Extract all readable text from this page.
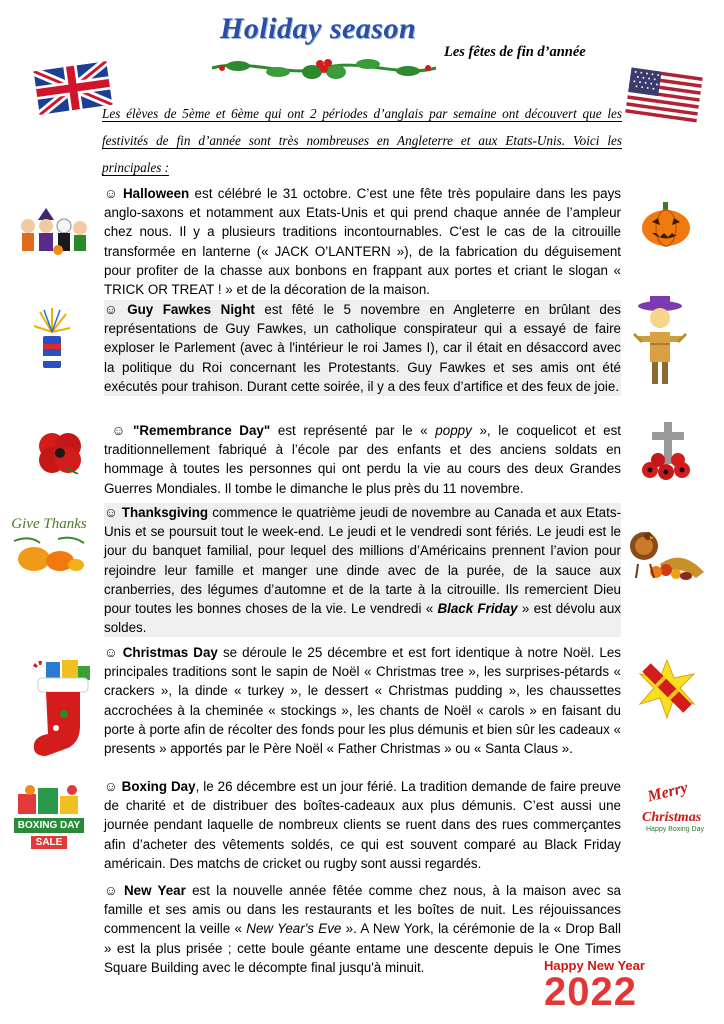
Holiday season
Les fêtes de fin d’année
Les élèves de 5ème et 6ème qui ont 2 périodes d’anglais par semaine ont découvert que les
festivités de fin d’année sont très nombreuses en Angleterre et aux Etats-Unis. Voici les
principales :
☺ Halloween est célébré le 31 octobre. C’est une fête très populaire dans les pays anglo-saxons et notamment aux Etats-Unis et qui prend chaque année de l’ampleur chez nous. Il y a plusieurs traditions incontournables. C'est le cas de la citrouille transformée en lanterne (« JACK O’LANTERN »), de la fabrication du déguisement pour profiter de la chasse aux bonbons en frappant aux portes et criant le slogan « TRICK OR TREAT ! » et de la décoration de la maison.
☺ Guy Fawkes Night est fêté le 5 novembre en Angleterre en brûlant des représentations de Guy Fawkes, un catholique conspirateur qui a essayé de faire exploser le Parlement (avec à l'intérieur le roi James I), car il était en désaccord avec la politique du Roi concernant les Protestants. Guy Fawkes et ses amis ont été exécutés pour trahison. Durant cette soirée, il y a des feux d’artifice et des feux de joie.
☺ "Remembrance Day" est représenté par le « poppy », le coquelicot et est traditionnellement fabriqué à l’école par des enfants et des anciens soldats en hommage à toutes les personnes qui ont perdu la vie au cours des deux Grandes Guerres Mondiales. Il tombe le dimanche le plus près du 11 novembre.
☺ Thanksgiving commence le quatrième jeudi de novembre au Canada et aux Etats-Unis et se poursuit tout le week-end. Le jeudi et le vendredi sont fériés. Le jeudi est le jour du banquet familial, pour lequel des millions d’Américains prennent l’avion pour rejoindre leur famille et manger une dinde avec de la purée, de la sauce aux cranberries, des légumes d’automne et de la tarte à la citrouille. Ils remercient Dieu pour toutes les bonnes choses de la vie. Le vendredi « Black Friday » est dévolu aux soldes.
Give Thanks
☺ Christmas Day se déroule le 25 décembre et est fort identique à notre Noël. Les principales traditions sont le sapin de Noël « Christmas tree », les surprises-pétards « crackers », la dinde « turkey », le dessert « Christmas pudding », les chaussettes accrochées à la cheminée « stockings », les chants de Noël « carols » en faisant du porte à porte afin de récolter des fonds pour les plus démunis et bien sûr les cadeaux « presents » apportés par le Père Noël « Father Christmas » ou « Santa Claus ».
☺ Boxing Day, le 26 décembre est un jour férié. La tradition demande de faire preuve de charité et de distribuer des boîtes-cadeaux aux plus démunis. C’est aussi une journée pendant laquelle de nombreux clients se ruent dans des rues commerçantes afin d’acheter des vêtements soldés, ce qui est souvent comparé au Black Friday américain. Des matchs de cricket ou rugby sont aussi regardés.
BOXING DAY
SALE
Merry
Christmas
Happy Boxing Day
☺ New Year est la nouvelle année fêtée comme chez nous, à la maison avec sa famille et ses amis ou dans les restaurants et les boîtes de nuit. Les réjouissances commencent la veille « New Year's Eve ». A New York, la cérémonie de la « Drop Ball » est la plus prisée ; cette boule géante entame une descente depuis le One Times Square Building avec le décompte final jusqu'à minuit.	Happy New Year
2022
